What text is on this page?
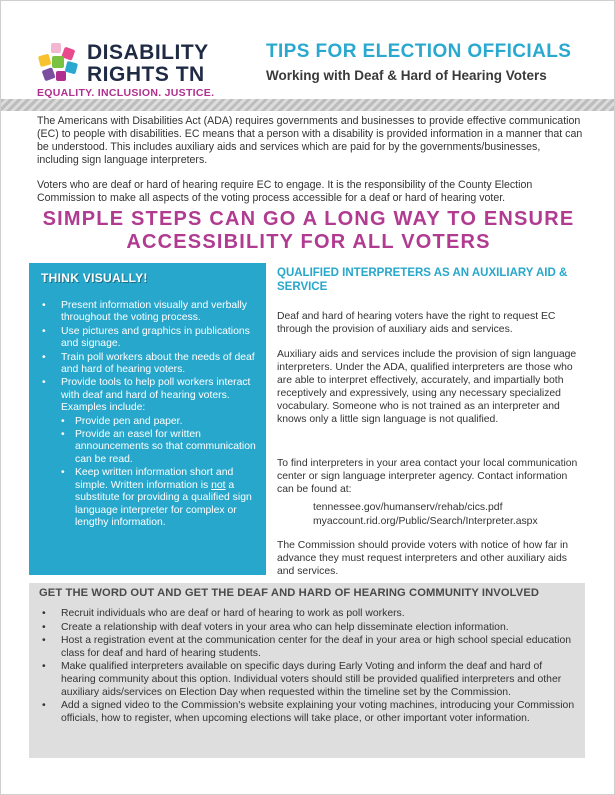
DISABILITY
RIGHTS TN
EQUALITY. INCLUSION. JUSTICE.
TIPS FOR ELECTION OFFICIALS
Working with Deaf & Hard of Hearing Voters

The Americans with Disabilities Act (ADA) requires governments and businesses to provide effective communication (EC) to people with disabilities. EC means that a person with a disability is provided information in a manner that can be understood. This includes auxiliary aids and services which are paid for by the governments/businesses, including sign language interpreters.

Voters who are deaf or hard of hearing require EC to engage. It is the responsibility of the County Election Commission to make all aspects of the voting process accessible for a deaf or hard of hearing voter.

SIMPLE STEPS CAN GO A LONG WAY TO ENSURE ACCESSIBILITY FOR ALL VOTERS
THINK VISUALLY!
• Present information visually and verbally throughout the voting process.
• Use pictures and graphics in publications and signage.
• Train poll workers about the needs of deaf and hard of hearing voters.
• Provide tools to help poll workers interact with deaf and hard of hearing voters. Examples include:
• Provide pen and paper.
• Provide an easel for written announcements so that communication can be read.
• Keep written information short and simple. Written information is not a substitute for providing a qualified sign language interpreter for complex or lengthy information.
QUALIFIED INTERPRETERS AS AN AUXILIARY AID & SERVICE

Deaf and hard of hearing voters have the right to request EC through the provision of auxiliary aids and services.

Auxiliary aids and services include the provision of sign language interpreters. Under the ADA, qualified interpreters are those who are able to interpret effectively, accurately, and impartially both receptively and expressively, using any necessary specialized vocabulary. Someone who is not trained as an interpreter and knows only a little sign language is not qualified.

To find interpreters in your area contact your local communication center or sign language interpreter agency. Contact information can be found at:

tennessee.gov/humanserv/rehab/cics.pdf
myaccount.rid.org/Public/Search/Interpreter.aspx

The Commission should provide voters with notice of how far in advance they must request interpreters and other auxiliary aids and services.

GET THE WORD OUT AND GET THE DEAF AND HARD OF HEARING COMMUNITY INVOLVED
• Recruit individuals who are deaf or hard of hearing to work as poll workers.
• Create a relationship with deaf voters in your area who can help disseminate election information.
• Host a registration event at the communication center for the deaf in your area or high school special education class for deaf and hard of hearing students.
• Make qualified interpreters available on specific days during Early Voting and inform the deaf and hard of hearing community about this option. Individual voters should still be provided qualified interpreters and other auxiliary aids/services on Election Day when requested within the timeline set by the Commission.
• Add a signed video to the Commission's website explaining your voting machines, introducing your Commission officials, how to register, when upcoming elections will take place, or other important voter information.
